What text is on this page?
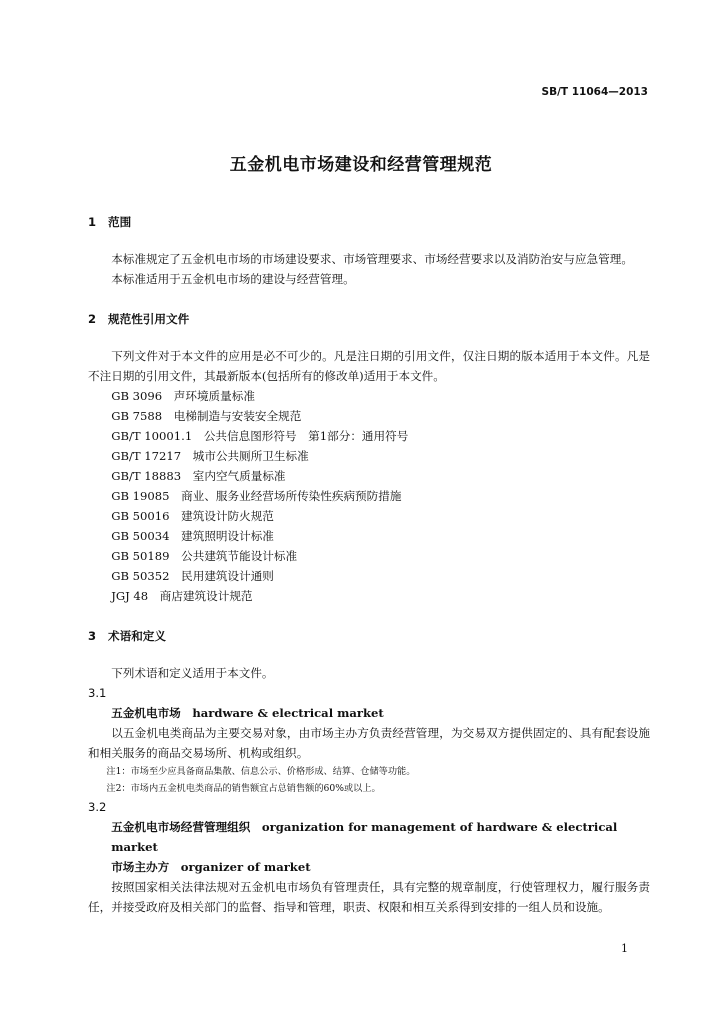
SB/T 11064—2013
五金机电市场建设和经营管理规范
1 范围

本标准规定了五金机电市场的市场建设要求、市场管理要求、市场经营要求以及消防治安与应急管理。

本标准适用于五金机电市场的建设与经营管理。

2 规范性引用文件

下列文件对于本文件的应用是必不可少的。凡是注日期的引用文件，仅注日期的版本适用于本文件。凡是不注日期的引用文件，其最新版本(包括所有的修改单)适用于本文件。

GB 3096　声环境质量标准

GB 7588　电梯制造与安装安全规范

GB/T 10001.1　公共信息图形符号　第1部分：通用符号

GB/T 17217　城市公共厕所卫生标准

GB/T 18883　室内空气质量标准

GB 19085　商业、服务业经营场所传染性疾病预防措施

GB 50016　建筑设计防火规范

GB 50034　建筑照明设计标准

GB 50189　公共建筑节能设计标准

GB 50352　民用建筑设计通则

JGJ 48　商店建筑设计规范

3 术语和定义

下列术语和定义适用于本文件。

3.1

五金机电市场 hardware & electrical market

以五金机电类商品为主要交易对象，由市场主办方负责经营管理，为交易双方提供固定的、具有配套设施和相关服务的商品交易场所、机构或组织。

注1：市场至少应具备商品集散、信息公示、价格形成、结算、仓储等功能。

注2：市场内五金机电类商品的销售额宜占总销售额的60%或以上。

3.2

五金机电市场经营管理组织 organization for management of hardware & electrical market

市场主办方 organizer of market

按照国家相关法律法规对五金机电市场负有管理责任，具有完整的规章制度，行使管理权力，履行服务责任，并接受政府及相关部门的监督、指导和管理，职责、权限和相互关系得到安排的一组人员和设施。

1
